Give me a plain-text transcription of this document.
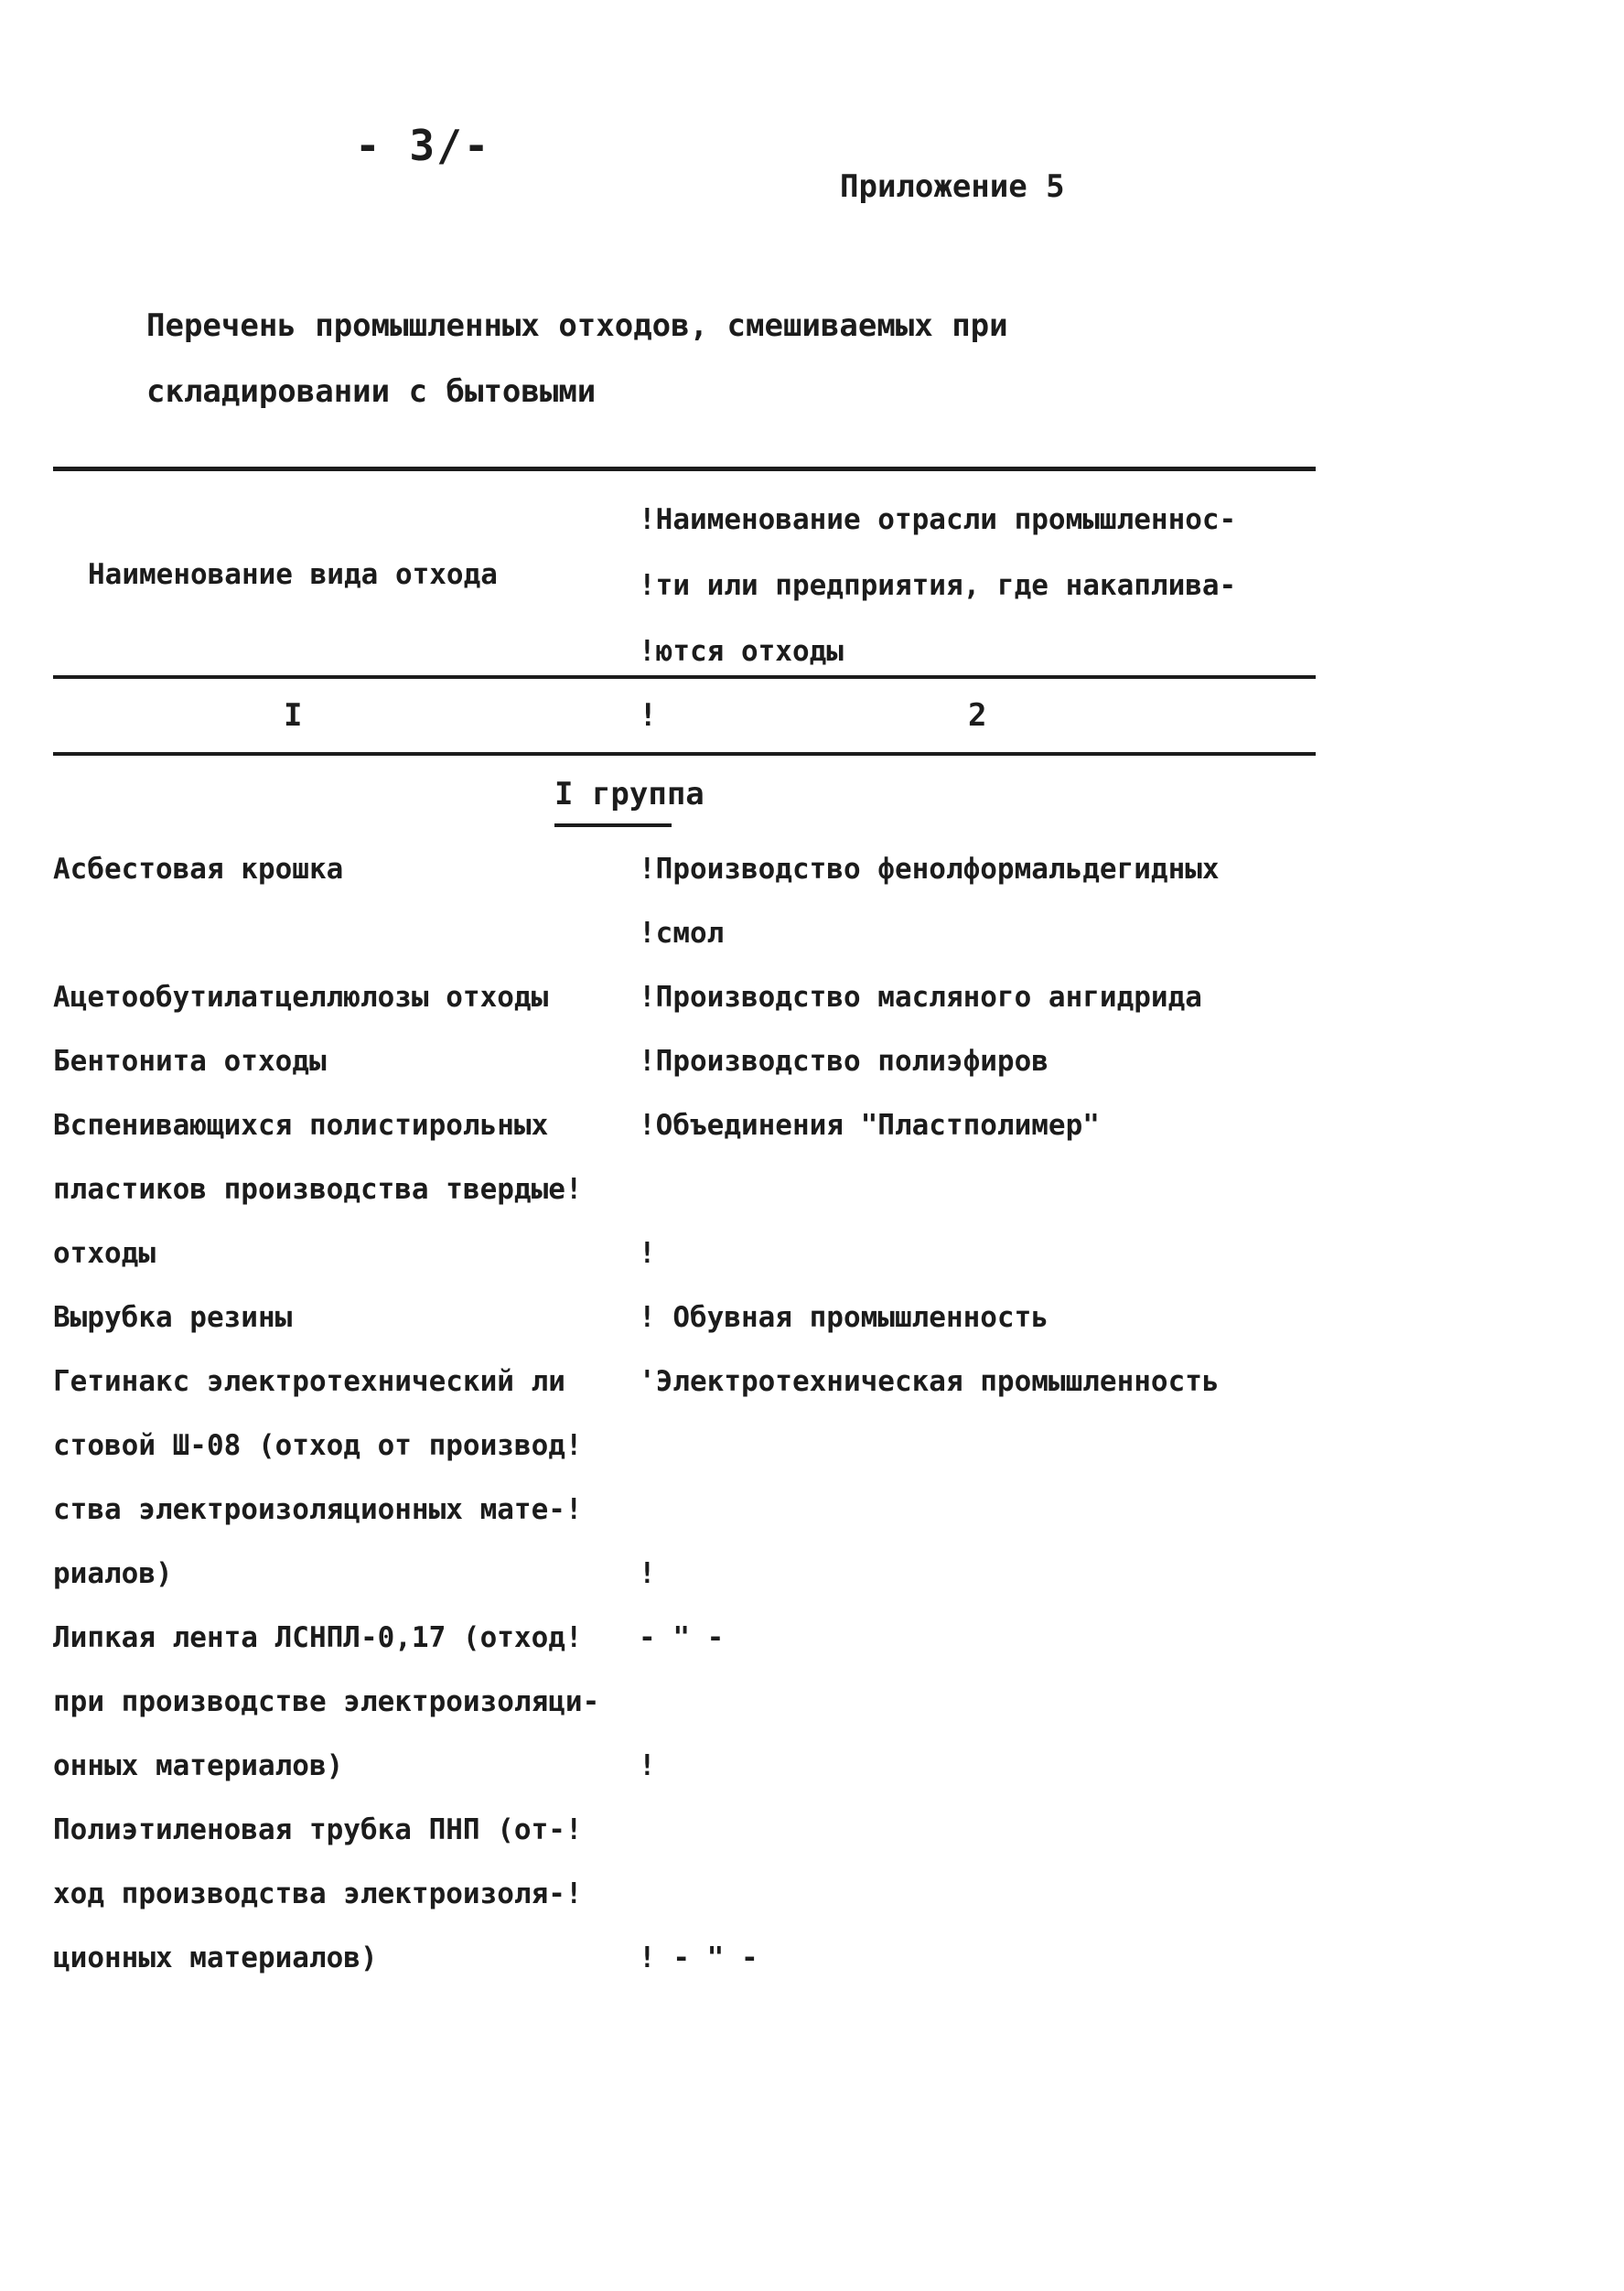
- 3/-
Приложение 5
Перечень промышленных отходов, смешиваемых при
складировании с бытовыми
Наименование вида отхода
!Наименование отрасли промышленнос-
!ти или предприятия, где накаплива-
!ются отходы
I	!	2
I группа
Асбестовая крошка	!Производство фенолформальдегидных
!смол
Ацетообутилатцеллюлозы отходы	!Производство масляного ангидрида
Бентонита отходы	!Производство полиэфиров
Вспенивающихся полистирольных	!Объединения "Пластполимер"
пластиков производства твердые!
отходы	!
Вырубка резины	! Обувная промышленность
Гетинакс электротехнический ли	'Электротехническая промышленность
стовой Ш-08 (отход от производ!
ства электроизоляционных мате-!
риалов)	!
Липкая лента ЛСНПЛ-0,17 (отход! - " -
при производстве электроизоляци-
онных материалов)	!
Полиэтиленовая трубка ПНП (от-!
ход производства электроизоля-!
ционных материалов)	! - " -
